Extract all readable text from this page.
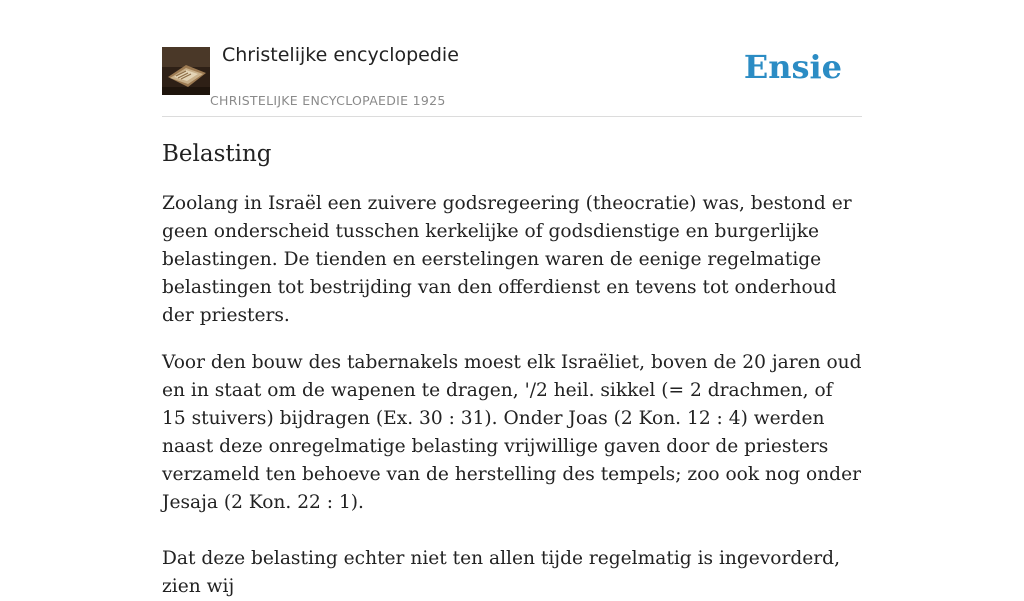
Christelijke encyclopedie
CHRISTELIJKE ENCYCLOPAEDIE 1925
Ensie
Belasting

Zoolang in Israël een zuivere godsregeering (theocratie) was, bestond er geen onderscheid tusschen kerkelijke of godsdienstige en burgerlijke belastingen. De tienden en eerstelingen waren de eenige regelmatige belastingen tot bestrijding van den offerdienst en tevens tot onderhoud der priesters.

Voor den bouw des tabernakels moest elk Israëliet, boven de 20 jaren oud en in staat om de wapenen te dragen, '/2 heil. sikkel (= 2 drachmen, of 15 stuivers) bijdragen (Ex. 30 : 31). Onder Joas (2 Kon. 12 : 4) werden naast deze onregelmatige belasting vrijwillige gaven door de priesters verzameld ten behoeve van de herstelling des tempels; zoo ook nog onder Jesaja (2 Kon. 22 : 1).

Dat deze belasting echter niet ten allen tijde regelmatig is ingevorderd, zien wij
